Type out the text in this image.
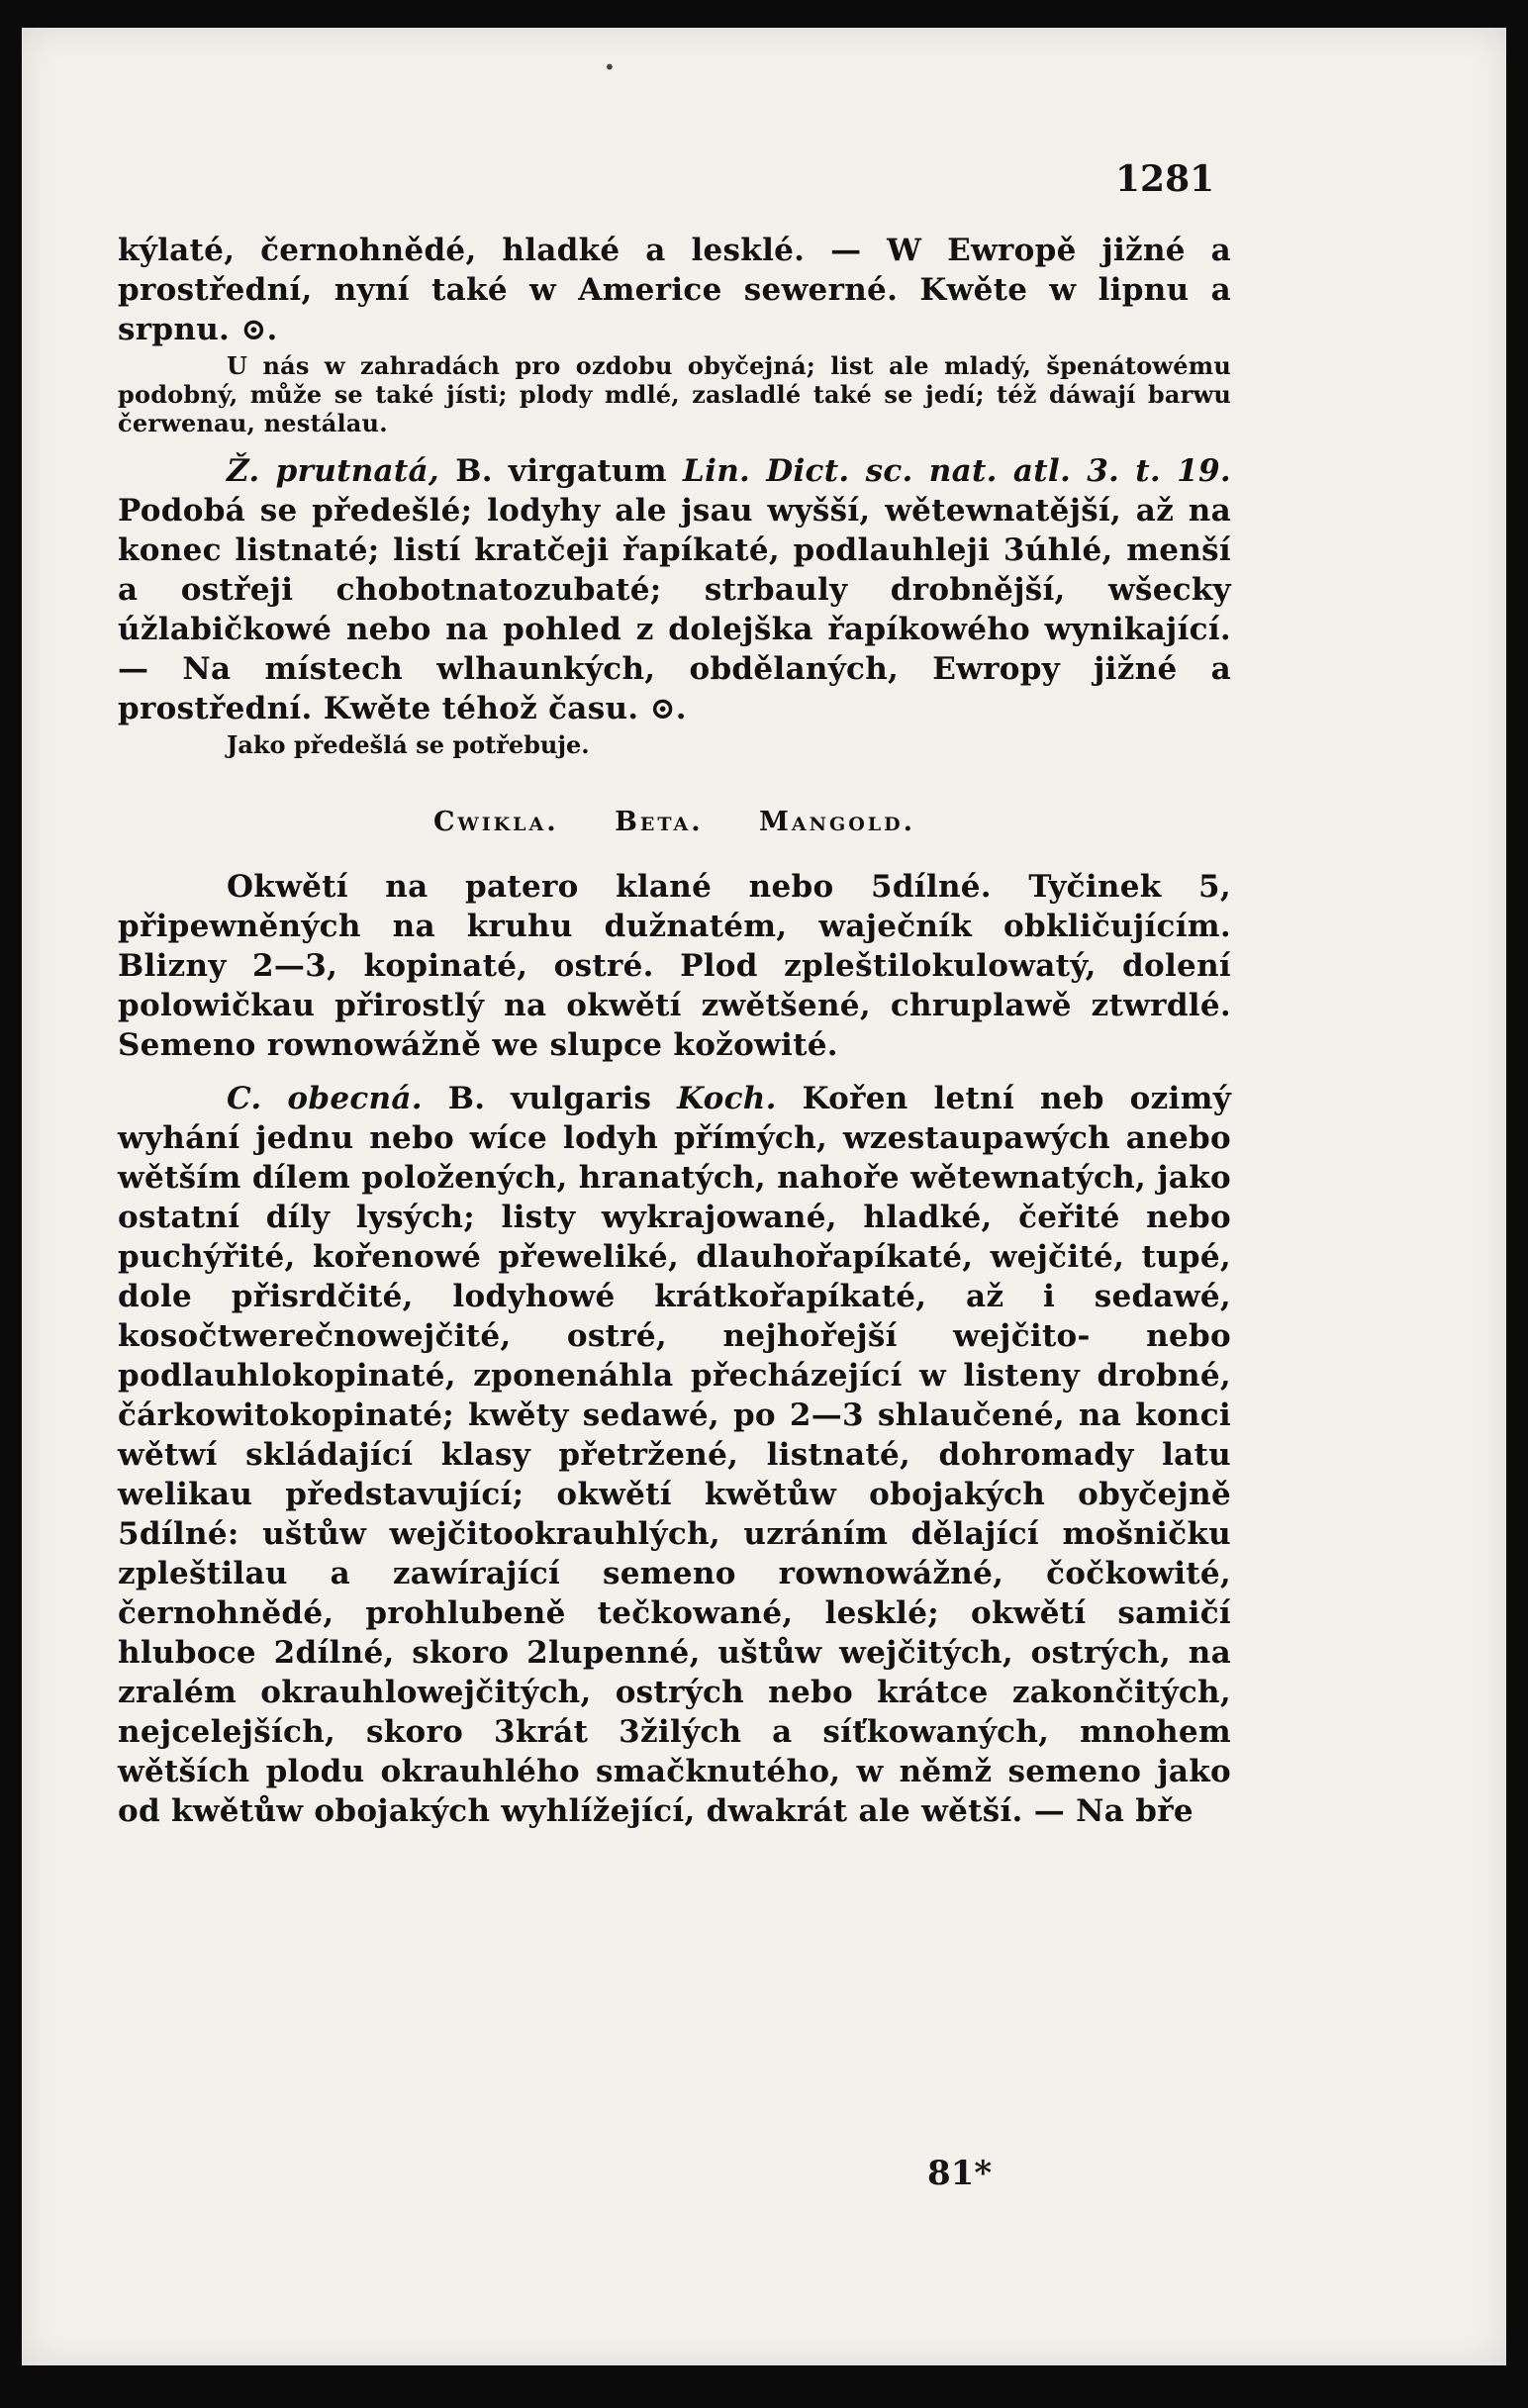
•
1281

kýlaté, černohnědé, hladké a lesklé. — W Ewropě jižné a prostřední, nyní také w Americe sewerné. Kwěte w lipnu a srpnu. ⊙.

U nás w zahradách pro ozdobu obyčejná; list ale mladý, špenátowému podobný, může se také jísti; plody mdlé, zasladlé také se jedí; též dáwají barwu čerwenau, nestálau.

Ž. prutnatá, B. virgatum Lin. Dict. sc. nat. atl. 3. t. 19. Podobá se předešlé; lodyhy ale jsau wyšší, wětewnatější, až na konec listnaté; listí kratčeji řapíkaté, podlauhleji 3úhlé, menší a ostřeji chobotnatozubaté; strbauly drobnější, wšecky úžlabičkowé nebo na pohled z dolejška řapíkowého wynikající. — Na místech wlhaunkých, obdělaných, Ewropy jižné a prostřední. Kwěte téhož času. ⊙.

Jako předešlá se potřebuje.

Cwikla. Beta. Mangold.

Okwětí na patero klané nebo 5dílné. Tyčinek 5, připewněných na kruhu dužnatém, waječník obkličujícím. Blizny 2—3, kopinaté, ostré. Plod zpleštilokulowatý, dolení polowičkau přirostlý na okwětí zwětšené, chruplawě ztwrdlé. Semeno rownowážně we slupce kožowité.

C. obecná. B. vulgaris Koch. Kořen letní neb ozimý wyhání jednu nebo wíce lodyh přímých, wzestaupawých anebo wětším dílem položených, hranatých, nahoře wětewnatých, jako ostatní díly lysých; listy wykrajowané, hladké, čeřité nebo puchýřité, kořenowé přeweliké, dlauhořapíkaté, wejčité, tupé, dole přisrdčité, lodyhowé krátkořapíkaté, až i sedawé, kosočtwerečnowejčité, ostré, nejhořejší wejčito- nebo podlauhlokopinaté, zponenáhla přecházející w listeny drobné, čárkowitokopinaté; kwěty sedawé, po 2—3 shlaučené, na konci wětwí skládající klasy přetržené, listnaté, dohromady latu welikau představující; okwětí kwětůw obojakých obyčejně 5dílné: uštůw wejčitookrauhlých, uzráním dělající mošničku zpleštilau a zawírající semeno rownowážné, čočkowité, černohnědé, prohlubeně tečkowané, lesklé; okwětí samičí hluboce 2dílné, skoro 2lupenné, uštůw wejčitých, ostrých, na zralém okrauhlowejčitých, ostrých nebo krátce zakončitých, nejcelejších, skoro 3krát 3žilých a síťkowaných, mnohem wětších plodu okrauhlého smačknutého, w němž semeno jako od kwětůw obojakých wyhlížející, dwakrát ale wětší. — Na bře

81*
